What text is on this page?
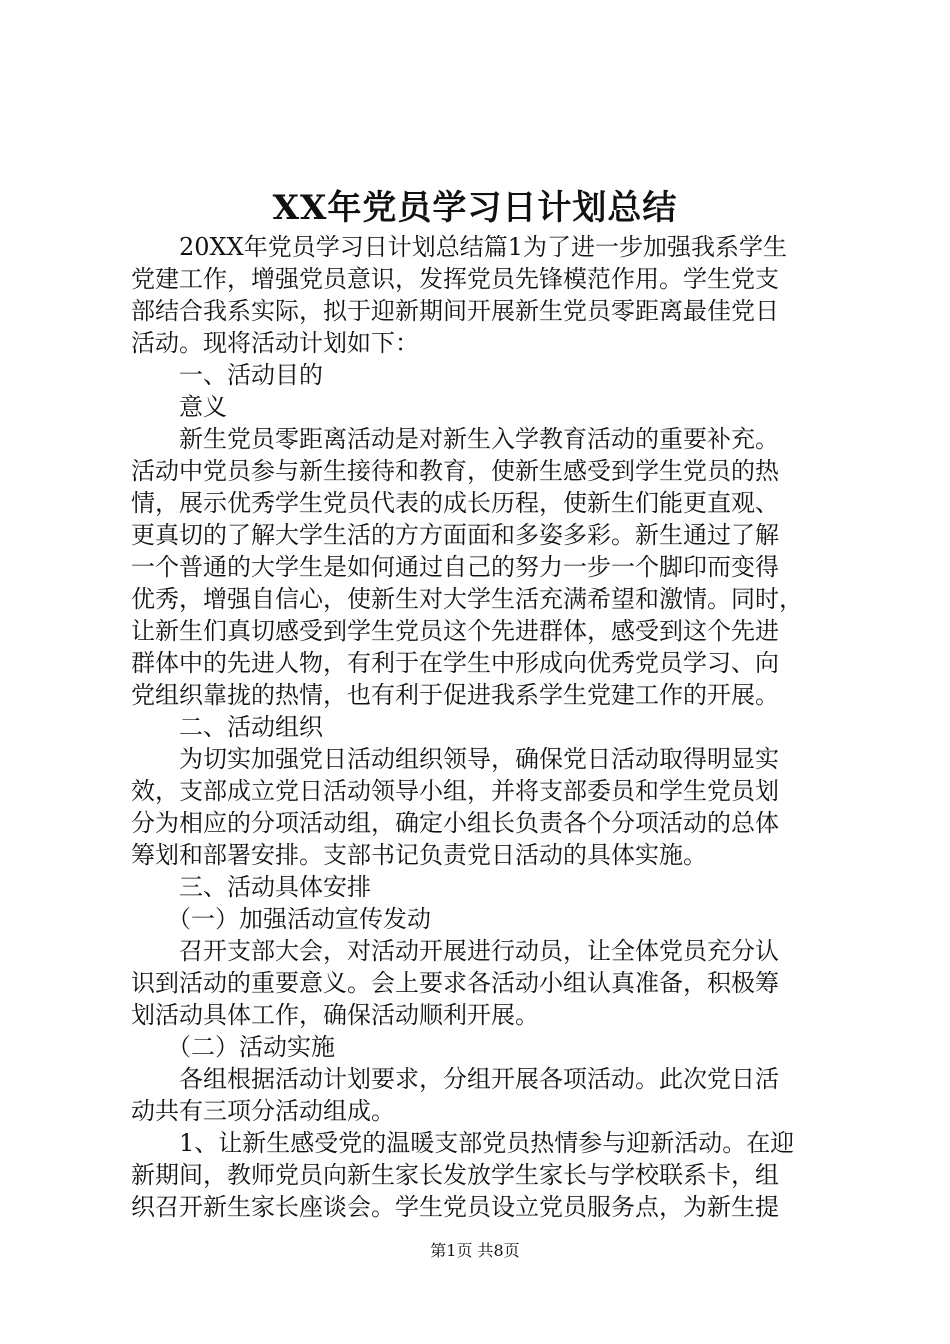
XX年党员学习日计划总结
　　20XX年党员学习日计划总结篇1为了进一步加强我系学生
党建工作，增强党员意识，发挥党员先锋模范作用。学生党支
部结合我系实际，拟于迎新期间开展新生党员零距离最佳党日
活动。现将活动计划如下：
　　一、活动目的
　　意义
　　新生党员零距离活动是对新生入学教育活动的重要补充。
活动中党员参与新生接待和教育，使新生感受到学生党员的热
情，展示优秀学生党员代表的成长历程，使新生们能更直观、
更真切的了解大学生活的方方面面和多姿多彩。新生通过了解
一个普通的大学生是如何通过自己的努力一步一个脚印而变得
优秀，增强自信心，使新生对大学生活充满希望和激情。同时，
让新生们真切感受到学生党员这个先进群体，感受到这个先进
群体中的先进人物，有利于在学生中形成向优秀党员学习、向
党组织靠拢的热情，也有利于促进我系学生党建工作的开展。
　　二、活动组织
　　为切实加强党日活动组织领导，确保党日活动取得明显实
效，支部成立党日活动领导小组，并将支部委员和学生党员划
分为相应的分项活动组，确定小组长负责各个分项活动的总体
筹划和部署安排。支部书记负责党日活动的具体实施。
　　三、活动具体安排
　　（一）加强活动宣传发动
　　召开支部大会，对活动开展进行动员，让全体党员充分认
识到活动的重要意义。会上要求各活动小组认真准备，积极筹
划活动具体工作，确保活动顺利开展。
　　（二）活动实施
　　各组根据活动计划要求，分组开展各项活动。此次党日活
动共有三项分活动组成。
　　1、让新生感受党的温暖支部党员热情参与迎新活动。在迎
新期间，教师党员向新生家长发放学生家长与学校联系卡，组
织召开新生家长座谈会。学生党员设立党员服务点，为新生提
第1页 共8页
